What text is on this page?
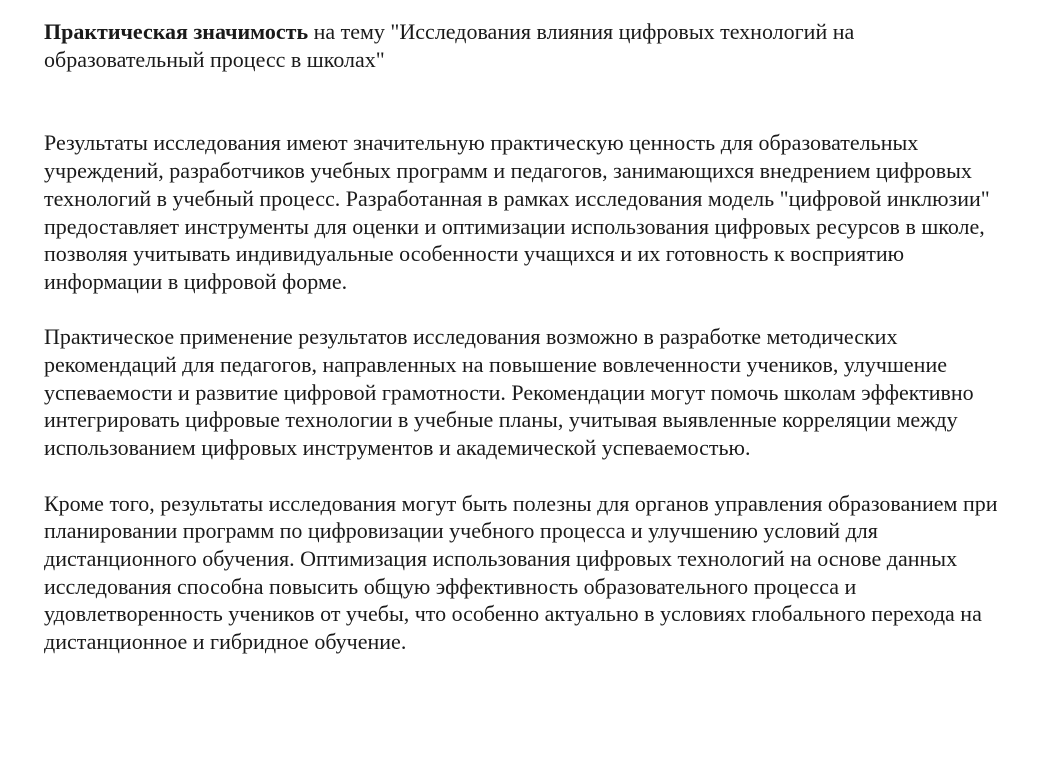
Практическая значимость на тему "Исследования влияния цифровых технологий на образовательный процесс в школах"

Результаты исследования имеют значительную практическую ценность для образовательных учреждений, разработчиков учебных программ и педагогов, занимающихся внедрением цифровых технологий в учебный процесс. Разработанная в рамках исследования модель "цифровой инклюзии" предоставляет инструменты для оценки и оптимизации использования цифровых ресурсов в школе, позволяя учитывать индивидуальные особенности учащихся и их готовность к восприятию информации в цифровой форме.

Практическое применение результатов исследования возможно в разработке методических рекомендаций для педагогов, направленных на повышение вовлеченности учеников, улучшение успеваемости и развитие цифровой грамотности. Рекомендации могут помочь школам эффективно интегрировать цифровые технологии в учебные планы, учитывая выявленные корреляции между использованием цифровых инструментов и академической успеваемостью.

Кроме того, результаты исследования могут быть полезны для органов управления образованием при планировании программ по цифровизации учебного процесса и улучшению условий для дистанционного обучения. Оптимизация использования цифровых технологий на основе данных исследования способна повысить общую эффективность образовательного процесса и удовлетворенность учеников от учебы, что особенно актуально в условиях глобального перехода на дистанционное и гибридное обучение.
